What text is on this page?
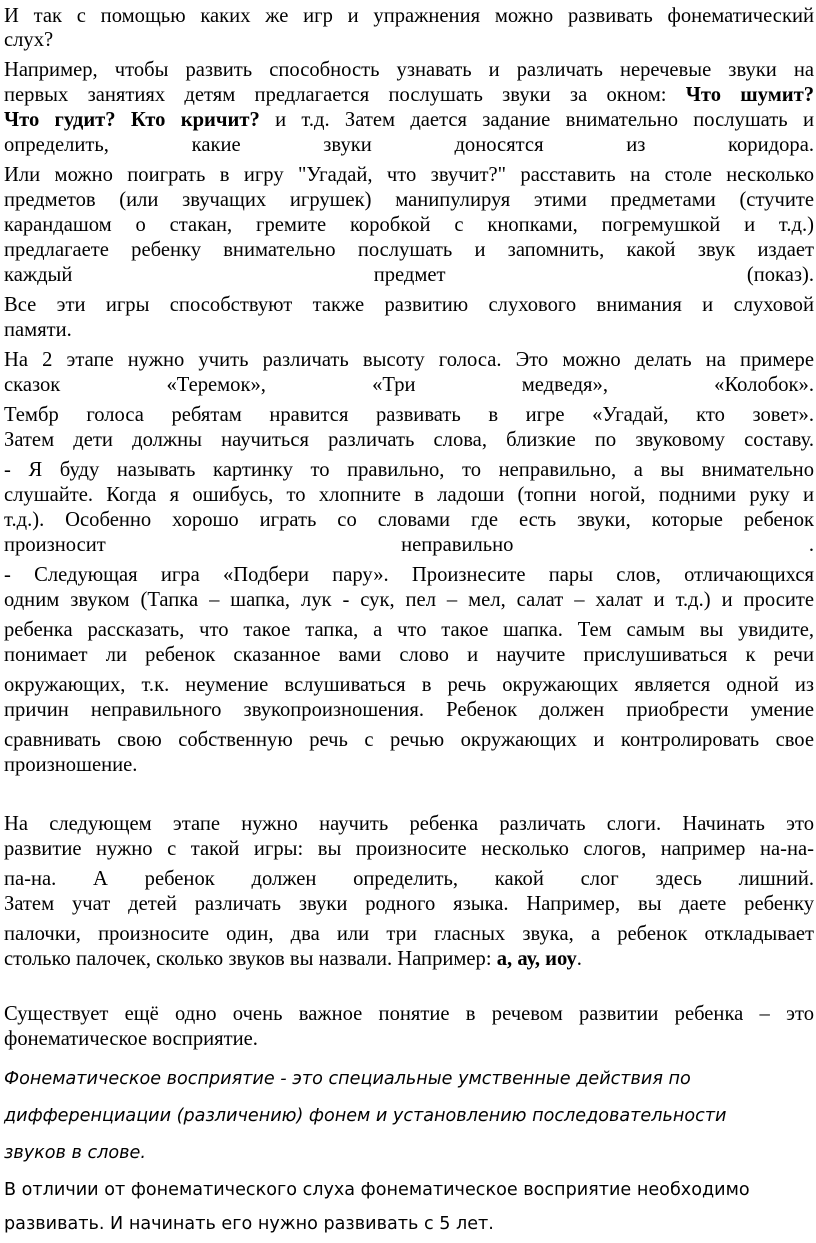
И так с помощью каких же игр и упражнения можно развивать фонематический
слух?
Например, чтобы развить способность узнавать и различать неречевые звуки на
первых занятиях детям предлагается послушать звуки за окном: Что шумит?
Что гудит? Кто кричит? и т.д. Затем дается задание внимательно послушать и
определить, какие звуки доносятся из коридора.
Или можно поиграть в игру "Угадай, что звучит?" расставить на столе несколько
предметов (или звучащих игрушек) манипулируя этими предметами (стучите
карандашом о стакан, гремите коробкой с кнопками, погремушкой и т.д.)
предлагаете ребенку внимательно послушать и запомнить, какой звук издает
каждый предмет (показ).
Все эти игры способствуют также развитию слухового внимания и слуховой
памяти.
На 2 этапе нужно учить различать высоту голоса. Это можно делать на примере
сказок «Теремок», «Три медведя», «Колобок».
Тембр голоса ребятам нравится развивать в игре «Угадай, кто зовет».
Затем дети должны научиться различать слова, близкие по звуковому составу.
- Я буду называть картинку то правильно, то неправильно, а вы внимательно
слушайте. Когда я ошибусь, то хлопните в ладоши (топни ногой, подними руку и
т.д.). Особенно хорошо играть со словами где есть звуки, которые ребенок
произносит неправильно .
- Следующая игра «Подбери пару». Произнесите пары слов, отличающихся
одним звуком (Тапка – шапка, лук - сук, пел – мел, салат – халат и т.д.) и просите
ребенка рассказать, что такое тапка, а что такое шапка. Тем самым вы увидите,
понимает ли ребенок сказанное вами слово и научите прислушиваться к речи
окружающих, т.к. неумение вслушиваться в речь окружающих является одной из
причин неправильного звукопроизношения. Ребенок должен приобрести умение
сравнивать свою собственную речь с речью окружающих и контролировать свое
произношение.
На следующем этапе нужно научить ребенка различать слоги. Начинать это
развитие нужно с такой игры: вы произносите несколько слогов, например на-на-
па-на. А ребенок должен определить, какой слог здесь лишний.
Затем учат детей различать звуки родного языка. Например, вы даете ребенку
палочки, произносите один, два или три гласных звука, а ребенок откладывает
столько палочек, сколько звуков вы назвали. Например: а, ау, иоу.
Существует ещё одно очень важное понятие в речевом развитии ребенка – это
фонематическое восприятие.
Фонематическое восприятие - это специальные умственные действия по
дифференциации (различению) фонем и установлению последовательности
звуков в слове.
В отличии от фонематического слуха фонематическое восприятие необходимо
развивать. И начинать его нужно развивать с 5 лет.
